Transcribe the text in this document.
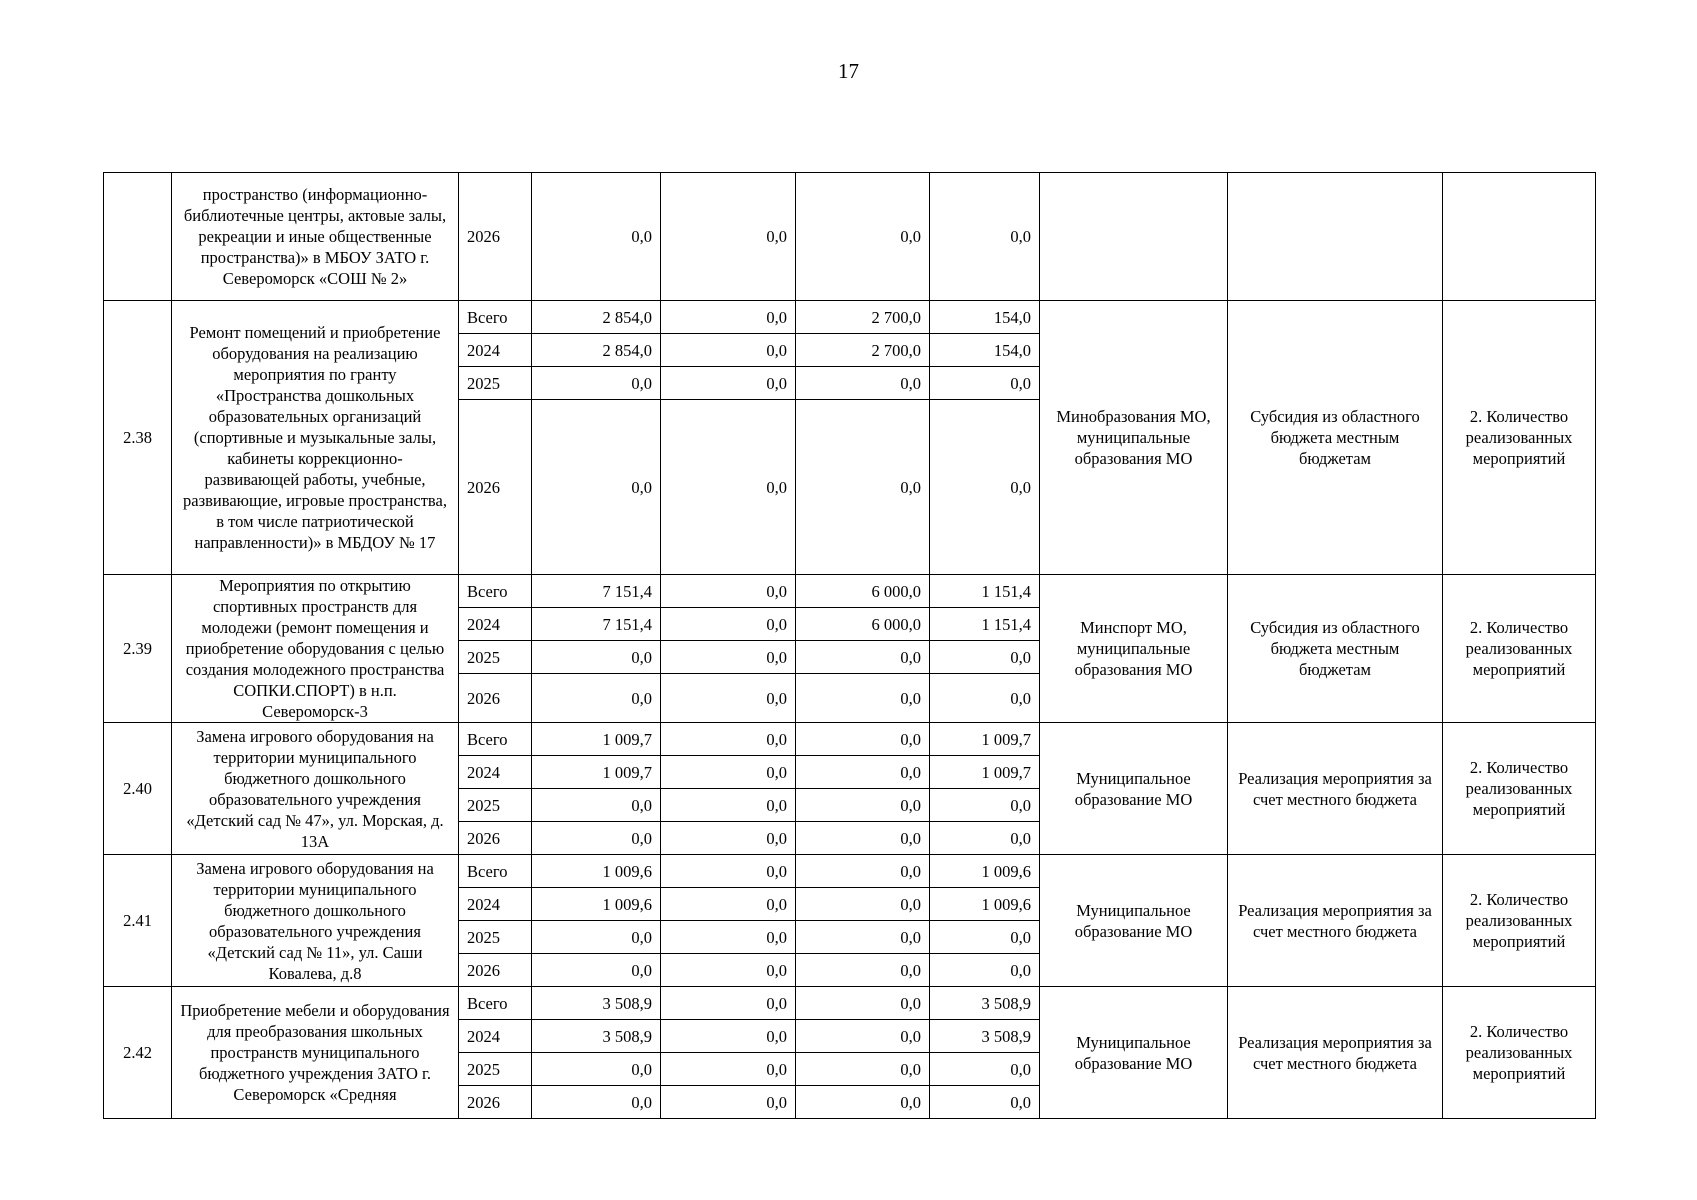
17
	пространство (информационно-библиотечные центры, актовые залы, рекреации и иные общественные пространства)» в МБОУ ЗАТО г. Североморск «СОШ № 2»	2026	0,0	0,0	0,0	0,0			
2.38	Ремонт помещений и приобретение оборудования на реализацию мероприятия по гранту «Пространства дошкольных образовательных организаций (спортивные и музыкальные залы, кабинеты коррекционно-развивающей работы, учебные, развивающие, игровые пространства, в том числе патриотической направленности)» в МБДОУ № 17	Всего	2 854,0	0,0	2 700,0	154,0	Минобразования МО, муниципальные образования МО	Субсидия из областного бюджета местным бюджетам	2. Количество реализованных мероприятий
		2024	2 854,0	0,0	2 700,0	154,0			
		2025	0,0	0,0	0,0	0,0			
		2026	0,0	0,0	0,0	0,0			
2.39	Мероприятия по открытию спортивных пространств для молодежи (ремонт помещения и приобретение оборудования с целью создания молодежного пространства СОПКИ.СПОРТ) в н.п. Североморск-3	Всего	7 151,4	0,0	6 000,0	1 151,4	Минспорт МО, муниципальные образования МО	Субсидия из областного бюджета местным бюджетам	2. Количество реализованных мероприятий
		2024	7 151,4	0,0	6 000,0	1 151,4			
		2025	0,0	0,0	0,0	0,0			
		2026	0,0	0,0	0,0	0,0			
2.40	Замена игрового оборудования на территории муниципального бюджетного дошкольного образовательного учреждения «Детский сад № 47», ул. Морская, д. 13А	Всего	1 009,7	0,0	0,0	1 009,7	Муниципальное образование МО	Реализация мероприятия за счет местного бюджета	2. Количество реализованных мероприятий
		2024	1 009,7	0,0	0,0	1 009,7			
		2025	0,0	0,0	0,0	0,0			
		2026	0,0	0,0	0,0	0,0			
2.41	Замена игрового оборудования на территории муниципального бюджетного дошкольного образовательного учреждения «Детский сад № 11», ул. Саши Ковалева, д.8	Всего	1 009,6	0,0	0,0	1 009,6	Муниципальное образование МО	Реализация мероприятия за счет местного бюджета	2. Количество реализованных мероприятий
		2024	1 009,6	0,0	0,0	1 009,6			
		2025	0,0	0,0	0,0	0,0			
		2026	0,0	0,0	0,0	0,0			
2.42	Приобретение мебели и оборудования для преобразования школьных пространств муниципального бюджетного учреждения ЗАТО г. Североморск «Средняя	Всего	3 508,9	0,0	0,0	3 508,9	Муниципальное образование МО	Реализация мероприятия за счет местного бюджета	2. Количество реализованных мероприятий
		2024	3 508,9	0,0	0,0	3 508,9			
		2025	0,0	0,0	0,0	0,0			
		2026	0,0	0,0	0,0	0,0			
